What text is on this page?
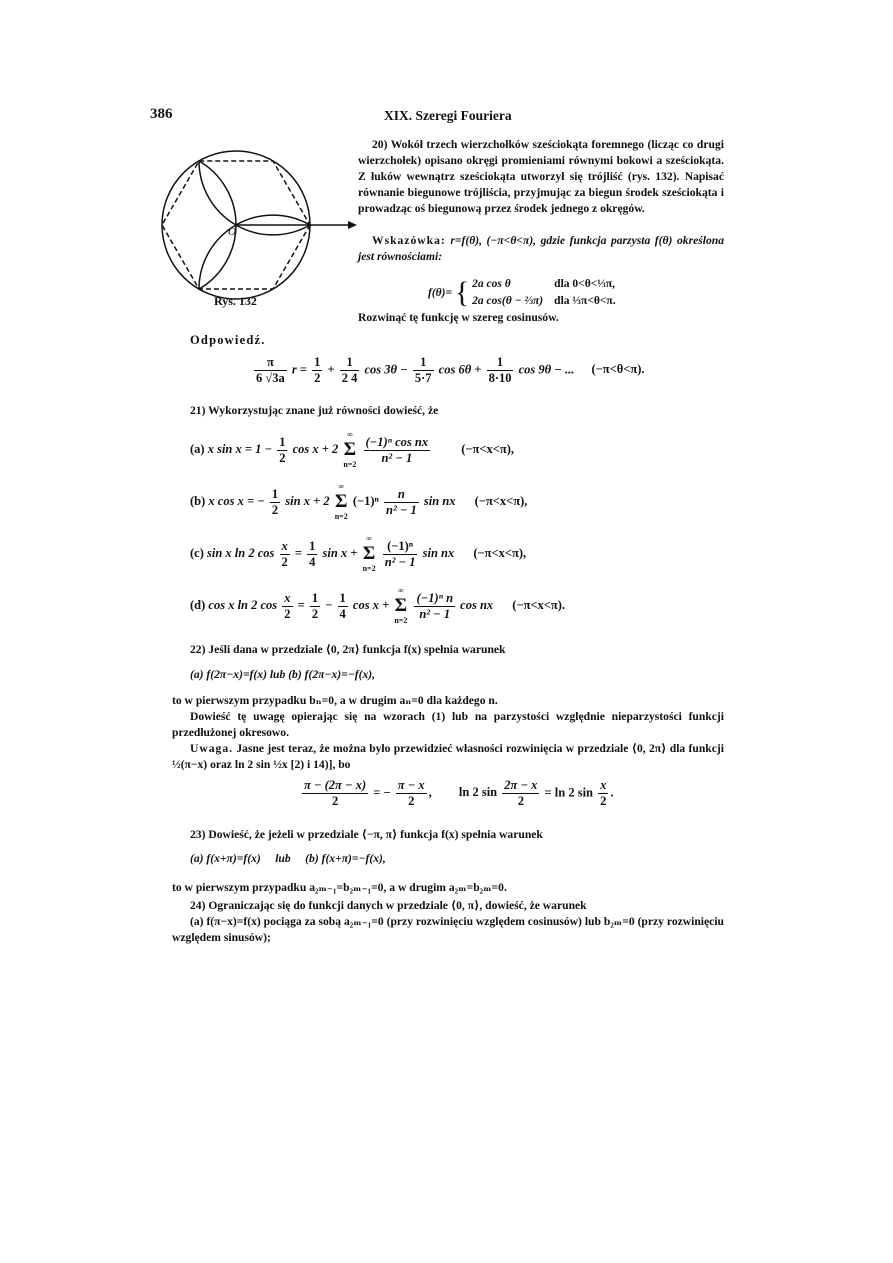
386	XIX. Szeregi Fouriera
O
Rys. 132
20) Wokół trzech wierzchołków sześciokąta foremnego (licząc co drugi wierzchołek) opisano okręgi promieniami równymi bokowi a sześciokąta. Z łuków wewnątrz sześciokąta utworzył się trójliść (rys. 132). Napisać równanie biegunowe trójliścia, przyjmując za biegun środek sześciokąta i prowadząc oś biegunową przez środek jednego z okręgów.
Wskazówka: r=f(θ), (−π<θ<π), gdzie funkcja parzysta f(θ) określona jest równościami:
f(θ)= { 2a cos θ	dla 0<θ<⅓π,
2a cos(θ − ⅔π) dla ⅓π<θ<π.
Rozwinąć tę funkcję w szereg cosinusów.
Odpowiedź.
$\frac{\pi}{6 √3a}$ $r = \frac{1}{2} + \frac{1}{2 4}$ $\cos 3\theta - \frac{1}{5\cdot 7}$ $\cos 6\theta + \frac{1}{8\cdot 10}$ cos 9θ − ... (−π<θ<π).
21) Wykorzystując znane już równości dowieść, że
(a) x $\sin x = 1 - \frac{1}{2}$ cos x + 2
∞
Σ
n=2
$\frac{\text{(−1)ⁿ cos nx}}{\text{n² − 1}} (-\pi<x<\pi)$,
(b) x cos x = − $\frac{1}{2}$ sin x + 2
∞
Σ
n=2
$(-1)^n \frac{n}{\text{n² − 1}}$ sin nx (−π<x<π),
(c) sin x ln 2 $\cos \frac{x}{2} = \frac{1}{4}$ sin x +
∞
Σ
n=2
$\frac{\text{(−1)ⁿ}}{\text{n² − 1}}$ sin nx (−π<x<π),
(d) cos x ln 2 $\cos \frac{x}{2} = \frac{1}{2} - \frac{1}{4}$ cos x +
∞
Σ
n=2
$\frac{\text{(−1)ⁿ n}}{\text{n² − 1}}$ cos nx (−π<x<π).
22) Jeśli dana w przedziale ⟨0, 2π⟩ funkcja f(x) spełnia warunek
(a) f(2π−x)=f(x) lub (b) f(2π−x)=−f(x),
to w pierwszym przypadku bₙ=0, a w drugim aₙ=0 dla każdego n.
Dowieść tę uwagę opierając się na wzorach (1) lub na parzystości względnie nieparzystości funkcji przedłużonej okresowo.
Uwaga. Jasne jest teraz, że można było przewidzieć własności rozwinięcia w przedziale ⟨0, 2π⟩ dla funkcji ½(π−x) oraz ln 2 sin ½x [2) i 14)], bo
$\frac{\pi - (2\pi - x)}{2}$ = − $\frac{\pi - x}{2}$ , ln 2 $\sin \frac{2\pi - x}{2} = \ln 2$ $\sin \frac{x}{2}$ .
23) Dowieść, że jeżeli w przedziale ⟨−π, π⟩ funkcja f(x) spełnia warunek
(a) f(x+π)=f(x)     lub     (b) f(x+π)=−f(x),
to w pierwszym przypadku a₂ₘ₋₁=b₂ₘ₋₁=0, a w drugim a₂ₘ=b₂ₘ=0.
24) Ograniczając się do funkcji danych w przedziale ⟨0, π⟩, dowieść, że warunek
(a) f(π−x)=f(x) pociąga za sobą a₂ₘ₋₁=0 (przy rozwinięciu względem cosinusów) lub b₂ₘ=0 (przy rozwinięciu względem sinusów);
